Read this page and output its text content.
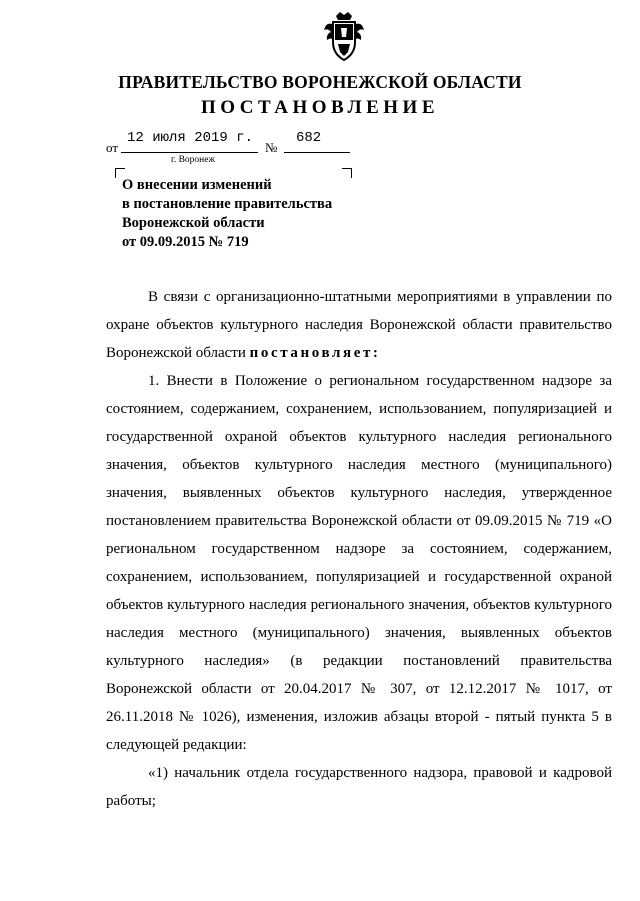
ПРАВИТЕЛЬСТВО ВОРОНЕЖСКОЙ ОБЛАСТИ
ПОСТАНОВЛЕНИЕ
от
12 июля 2019 г.
№
682
г. Воронеж
О внесении изменений
в постановление правительства
Воронежской области
от 09.09.2015 № 719

В связи с организационно-штатными мероприятиями в управлении по охране объектов культурного наследия Воронежской области правительство Воронежской области постановляет:

1. Внести в Положение о региональном государственном надзоре за состоянием, содержанием, сохранением, использованием, популяризацией и государственной охраной объектов культурного наследия регионального значения, объектов культурного наследия местного (муниципального) значения, выявленных объектов культурного наследия, утвержденное постановлением правительства Воронежской области от 09.09.2015 № 719 «О региональном государственном надзоре за состоянием, содержанием, сохранением, использованием, популяризацией и государственной охраной объектов культурного наследия регионального значения, объектов культурного наследия местного (муниципального) значения, выявленных объектов культурного наследия» (в редакции постановлений правительства Воронежской области от 20.04.2017 № 307, от 12.12.2017 № 1017, от 26.11.2018 № 1026), изменения, изложив абзацы второй - пятый пункта 5 в следующей редакции:

«1) начальник отдела государственного надзора, правовой и кадровой работы;
